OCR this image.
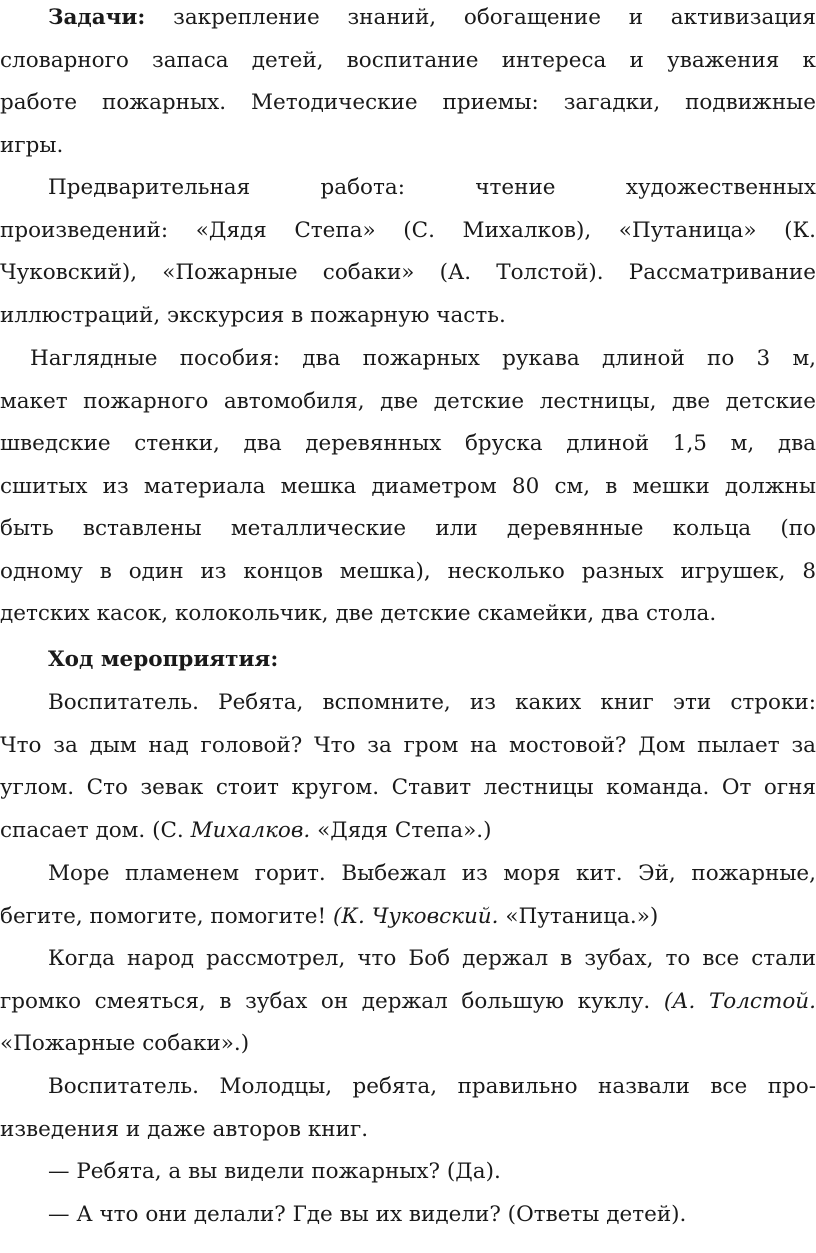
Задачи: закрепление знаний, обогащение и активизация
словарного запаса детей, воспитание интереса и уважения к
работе пожарных. Методические приемы: загадки, подвижные
игры.
Предварительная работа: чтение художественных
произведений: «Дядя Степа» (С. Михалков), «Путаница» (К.
Чуковский), «Пожарные собаки» (А. Толстой). Рассматривание
иллюстраций, экскурсия в пожарную часть.
Наглядные пособия: два пожарных рукава длиной по 3 м,
макет пожарного автомобиля, две детские лестницы, две детские
шведские стенки, два деревянных бруска длиной 1,5 м, два
сшитых из материала мешка диаметром 80 см, в мешки должны
быть вставлены металлические или деревянные кольца (по
одному в один из концов мешка), несколько разных игрушек, 8
детских касок, колокольчик, две детские скамейки, два стола.
Ход мероприятия:
Воспитатель. Ребята, вспомните, из каких книг эти строки:
Что за дым над головой? Что за гром на мостовой? Дом пылает за
углом. Сто зевак стоит кругом. Ставит лестницы команда. От огня
спасает дом. (С. Михалков. «Дядя Степа».)
Море пламенем горит. Выбежал из моря кит. Эй, пожарные,
бегите, помогите, помогите! (К. Чуковский. «Путаница.»)
Когда народ рассмотрел, что Боб держал в зубах, то все стали
громко смеяться, в зубах он держал большую куклу. (А. Толстой.
«Пожарные собаки».)
Воспитатель. Молодцы, ребята, правильно назвали все про-
изведения и даже авторов книг.
— Ребята, а вы видели пожарных? (Да).
— А что они делали? Где вы их видели? (Ответы детей).
